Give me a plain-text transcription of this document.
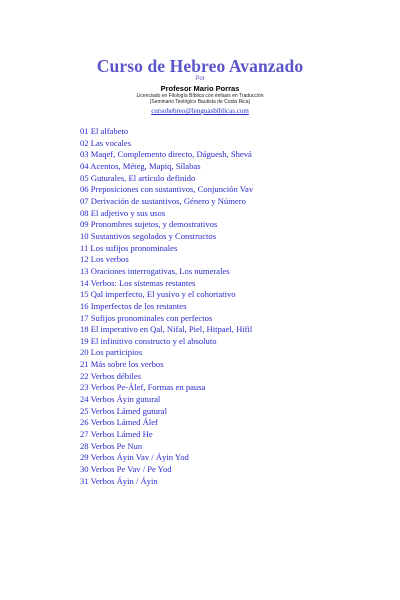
Curso de Hebreo Avanzado
Por
Profesor Mario Porras
Licenciado en Filología Bíblica con énfasis en Traducción
(Seminario Teológico Bautista de Costa Rica)
cursohebreo@lenguasbiblicas.com
01 El alfabeto
02 Las vocales
03 Maqef, Complemento directo, Dáguesh, Shevá
04 Acentos, Méteg, Mapiq, Sílabas
05 Guturales, El artículo definido
06 Preposiciones con sustantivos, Conjunción Vav
07 Derivación de sustantivos, Género y Número
08 El adjetivo y sus usos
09 Pronombres sujetos, y demostrativos
10 Sustantivos segolados y Constructos
11 Los sufijos pronominales
12 Los verbos
13 Oraciones interrogativas, Los numerales
14 Verbos: Los sistemas restantes
15 Qal imperfecto, El yusivo y el cohortativo
16 Imperfectos de los restantes
17 Sufijos pronominales con perfectos
18 El imperativo en Qal, Nifal, Piel, Hitpael, Hifil
19 El infinitivo constructo y el absoluto
20 Los participios
21 Más sobre los verbos
22 Verbos débiles
23 Verbos Pe-Álef, Formas en pausa
24 Verbos Áyin gutural
25 Verbos Lámed gutural
26 Verbos Lámed Álef
27 Verbos Lámed He
28 Verbos Pe Nun
29 Verbos Áyin Vav / Áyin Yod
30 Verbos Pe Vav / Pe Yod
31 Verbos Áyin / Áyin
